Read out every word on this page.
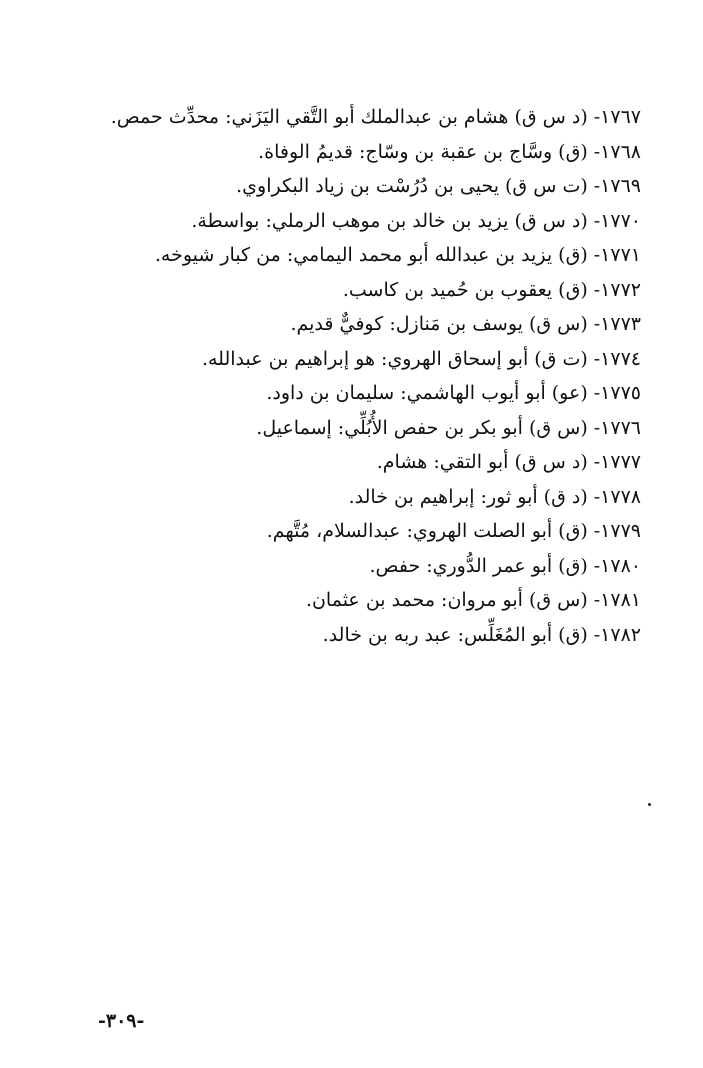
١٧٦٧-(د س ق)هشام بن عبدالملك أبو التَّقي اليَزَني: محدِّث حمص.
١٧٦٨-(ق)وسَّاج بن عقبة بن وسّاج: قديمُ الوفاة.
١٧٦٩-(ت س ق)يحيى بن دُرُسْت بن زياد البكراوي.
١٧٧٠-(د س ق)يزيد بن خالد بن موهب الرملي: بواسطة.
١٧٧١-(ق)يزيد بن عبدالله أبو محمد اليمامي: من كبار شيوخه.
١٧٧٢-(ق)يعقوب بن حُميد بن كاسب.
١٧٧٣-(س ق)يوسف بن مَنازل: كوفيٌّ قديم.
١٧٧٤-(ت ق)أبو إسحاق الهروي: هو إبراهيم بن عبدالله.
١٧٧٥-(عو)أبو أيوب الهاشمي: سليمان بن داود.
١٧٧٦-(س ق)أبو بكر بن حفص الأُبُلِّي: إسماعيل.
١٧٧٧-(د س ق)أبو التقي: هشام.
١٧٧٨-(د ق)أبو ثور: إبراهيم بن خالد.
١٧٧٩-(ق)أبو الصلت الهروي: عبدالسلام، مُتَّهم.
١٧٨٠-(ق)أبو عمر الدُّوري: حفص.
١٧٨١-(س ق)أبو مروان: محمد بن عثمان.
١٧٨٢-(ق)أبو المُغَلِّس: عبد ربه بن خالد.
-٣٠٩-
